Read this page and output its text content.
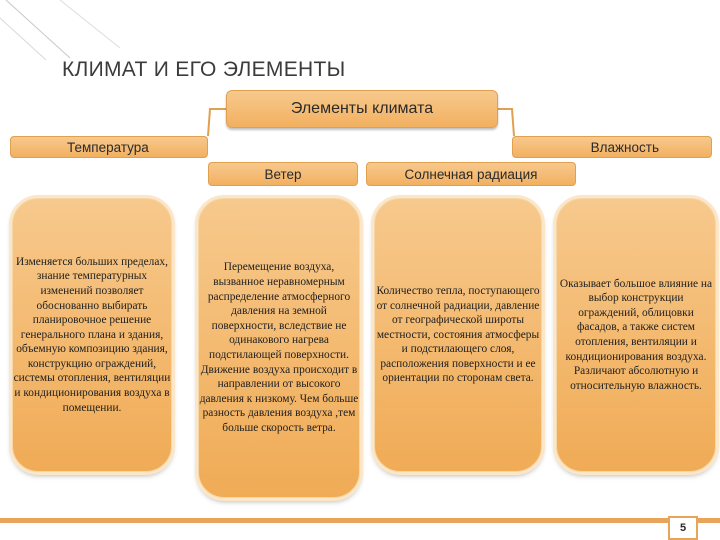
КЛИМАТ И ЕГО ЭЛЕМЕНТЫ
Элементы климата
Температура	Влажность
Ветер	Солнечная радиация

Изменяется больших пределах, знание температурных изменений позволяет обоснованно выбирать планировочное решение генерального плана и здания, объемную композицию здания, конструкцию ограждений, системы отопления, вентиляции и кондиционирования воздуха в помещении.

Перемещение воздуха, вызванное неравномерным распределение атмосферного давления на земной поверхности, вследствие не одинакового нагрева подстилающей поверхности. Движение воздуха происходит в направлении от высокого давления к низкому. Чем больше разность давления воздуха ,тем больше скорость ветра.

Количество тепла, поступающего от солнечной радиации, давление от географической широты местности, состояния атмосферы и подстилающего слоя, расположения поверхности и ее ориентации по сторонам света.

Оказывает большое влияние на выбор конструкции ограждений, облицовки фасадов, а также систем отопления, вентиляции и кондиционирования воздуха. Различают абсолютную и относительную влажность.

5
